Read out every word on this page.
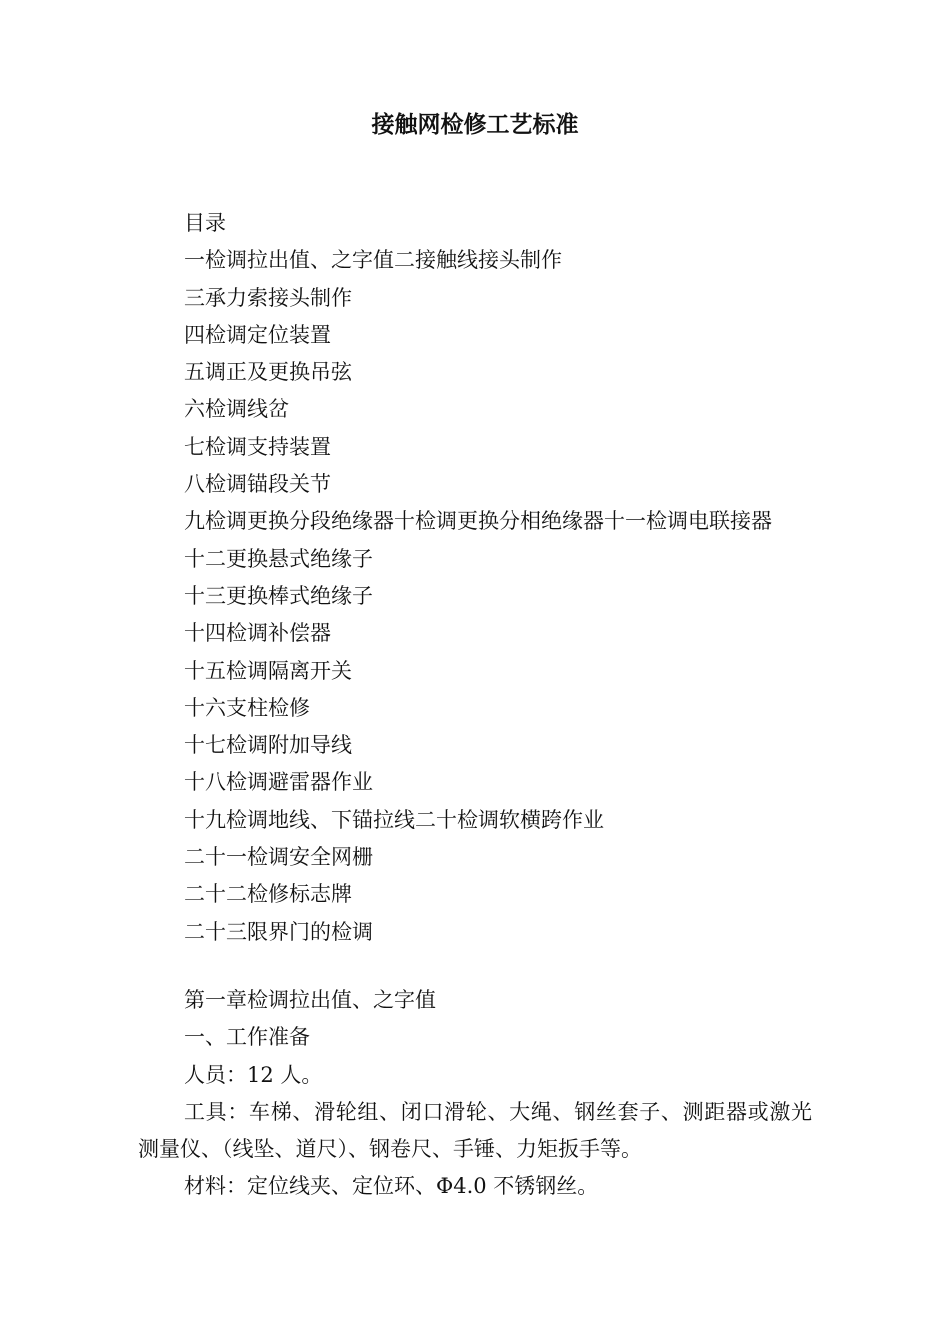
接触网检修工艺标准
目录
一检调拉出值、之字值二接触线接头制作
三承力索接头制作
四检调定位装置
五调正及更换吊弦
六检调线岔
七检调支持装置
八检调锚段关节
九检调更换分段绝缘器十检调更换分相绝缘器十一检调电联接器
十二更换悬式绝缘子
十三更换棒式绝缘子
十四检调补偿器
十五检调隔离开关
十六支柱检修
十七检调附加导线
十八检调避雷器作业
十九检调地线、下锚拉线二十检调软横跨作业
二十一检调安全网栅
二十二检修标志牌
二十三限界门的检调
第一章检调拉出值、之字值
一、工作准备
人员：12 人。
工具：车梯、滑轮组、闭口滑轮、大绳、钢丝套子、测距器或激光测量仪、（线坠、道尺）、钢卷尺、手锤、力矩扳手等。
材料：定位线夹、定位环、Φ4.0 不锈钢丝。
